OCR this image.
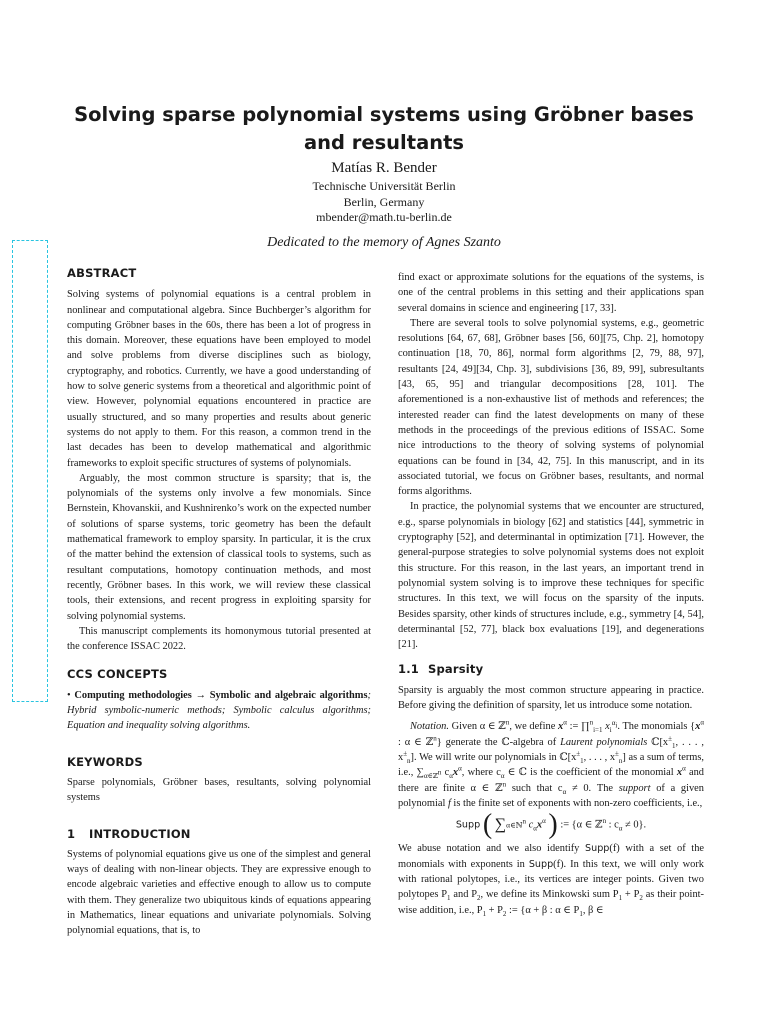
Solving sparse polynomial systems using Gröbner bases and resultants
Matías R. Bender
Technische Universität Berlin
Berlin, Germany
mbender@math.tu-berlin.de
Dedicated to the memory of Agnes Szanto
ABSTRACT

Solving systems of polynomial equations is a central problem in nonlinear and computational algebra. Since Buchberger’s algorithm for computing Gröbner bases in the 60s, there has been a lot of progress in this domain. Moreover, these equations have been employed to model and solve problems from diverse disciplines such as biology, cryptography, and robotics. Currently, we have a good understanding of how to solve generic systems from a theoretical and algorithmic point of view. However, polynomial equations encountered in practice are usually structured, and so many properties and results about generic systems do not apply to them. For this reason, a common trend in the last decades has been to develop mathematical and algorithmic frameworks to exploit specific structures of systems of polynomials.

Arguably, the most common structure is sparsity; that is, the polynomials of the systems only involve a few monomials. Since Bernstein, Khovanskii, and Kushnirenko’s work on the expected number of solutions of sparse systems, toric geometry has been the default mathematical framework to employ sparsity. In particular, it is the crux of the matter behind the extension of classical tools to systems, such as resultant computations, homotopy continuation methods, and most recently, Gröbner bases. In this work, we will review these classical tools, their extensions, and recent progress in exploiting sparsity for solving polynomial systems.

This manuscript complements its homonymous tutorial presented at the conference ISSAC 2022.

CCS CONCEPTS

• Computing methodologies → Symbolic and algebraic algorithms; Hybrid symbolic-numeric methods; Symbolic calculus algorithms; Equation and inequality solving algorithms.

KEYWORDS

Sparse polynomials, Gröbner bases, resultants, solving polynomial systems

1 INTRODUCTION

Systems of polynomial equations give us one of the simplest and general ways of dealing with non-linear objects. They are expressive enough to encode algebraic varieties and effective enough to allow us to compute with them. They generalize two ubiquitous kinds of equations appearing in Mathematics, linear equations and univariate polynomials. Solving polynomial equations, that is, to

find exact or approximate solutions for the equations of the systems, is one of the central problems in this setting and their applications span several domains in science and engineering [17, 33].

There are several tools to solve polynomial systems, e.g., geometric resolutions [64, 67, 68], Gröbner bases [56, 60][75, Chp. 2], homotopy continuation [18, 70, 86], normal form algorithms [2, 79, 88, 97], resultants [24, 49][34, Chp. 3], subdivisions [36, 89, 99], subresultants [43, 65, 95] and triangular decompositions [28, 101]. The aforementioned is a non-exhaustive list of methods and references; the interested reader can find the latest developments on many of these methods in the proceedings of the previous editions of ISSAC. Some nice introductions to the theory of solving systems of polynomial equations can be found in [34, 42, 75]. In this manuscript, and in its associated tutorial, we focus on Gröbner bases, resultants, and normal forms algorithms.

In practice, the polynomial systems that we encounter are structured, e.g., sparse polynomials in biology [62] and statistics [44], symmetric in cryptography [52], and determinantal in optimization [71]. However, the general-purpose strategies to solve polynomial systems does not exploit this structure. For this reason, in the last years, an important trend in polynomial system solving is to improve these techniques for specific structures. In this text, we will focus on the sparsity of the inputs. Besides sparsity, other kinds of structures include, e.g., symmetry [4, 54], determinantal [52, 77], black box evaluations [19], and degenerations [21].

1.1 Sparsity

Sparsity is arguably the most common structure appearing in practice. Before giving the definition of sparsity, let us introduce some notation.

Notation. Given α ∈ ℤ$^n$, we define $x^\alpha$ := ∏$^n_{i=1}$ $x_i^{\alpha_i}$. The monomials {$x^\alpha$ : α ∈ ℤ$^n$} generate the ℂ-algebra of Laurent polynomials $ℂ[x^\pm_1$, . . . , $x^\pm_n$]. We will write our polynomials in $ℂ[x^\pm_1$, . . . , $x^\pm_n$] as a sum of terms, i.e., $\sum_{\alpha\in ℤ^n}$ $c_\alpha x^\alpha$, where $c_\alpha$ ∈ ℂ is the coefficient of the monomial $x^\alpha$ and there are finite α ∈ ℤ$^n$ such that $c_\alpha \ne 0$. The support of a given polynomial f is the finite set of exponents with non-zero coefficients, i.e.,

Supp ( ∑α∈ℕ$^n$ $c_\alpha x^\alpha$ ) := {α ∈ ℤ$^n$ : $c_\alpha \ne 0$}.

We abuse notation and we also identify Supp(f) with a set of the monomials with exponents in Supp(f). In this text, we will only work with rational polytopes, i.e., its vertices are integer points. Given two polytopes $P_1$ and $P_2$, we define its Minkowski sum $P_1 + P_2$ as their point-wise addition, i.e., $P_1 + P_2$ := {α + β : α ∈ $P_1$, β ∈
